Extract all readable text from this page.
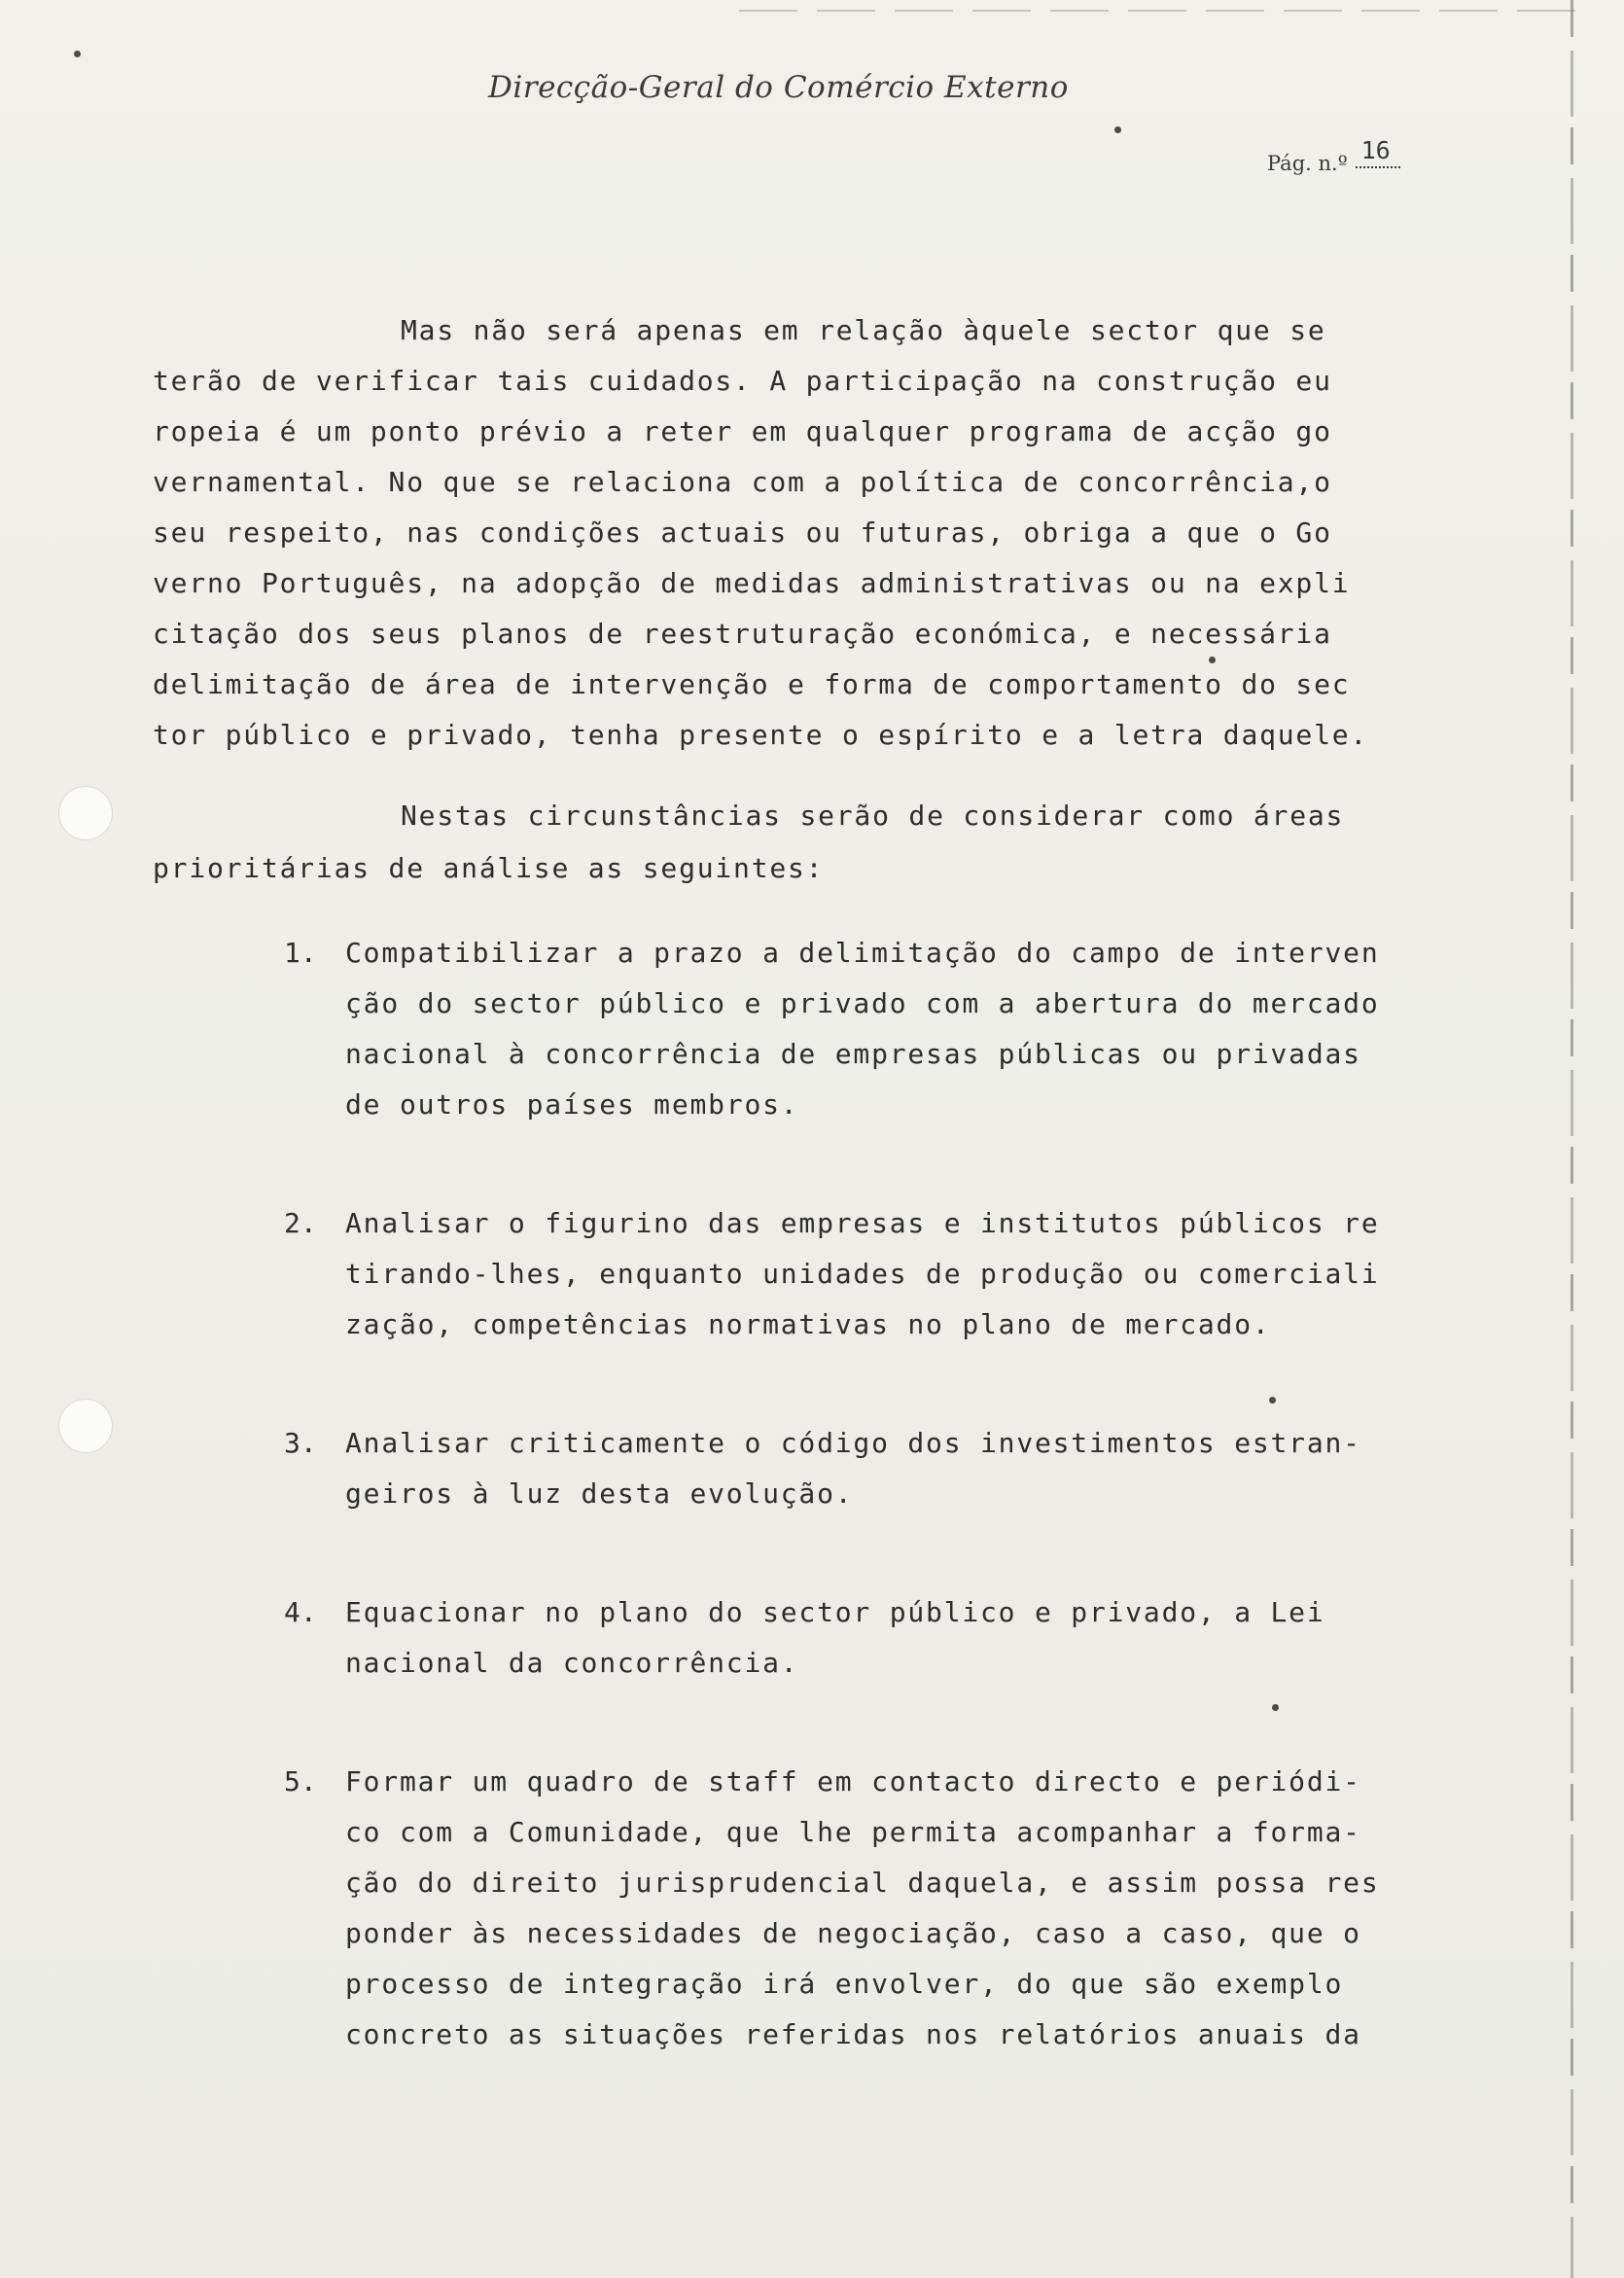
Direcção-Geral do Comércio Externo
Pág. n.º 16
Mas não será apenas em relação àquele sector que se
terão de verificar tais cuidados. A participação na construção eu
ropeia é um ponto prévio a reter em qualquer programa de acção go
vernamental. No que se relaciona com a política de concorrência,o
seu respeito, nas condições actuais ou futuras, obriga a que o Go
verno Português, na adopção de medidas administrativas ou na expli
citação dos seus planos de reestruturação económica, e necessária
delimitação de área de intervenção e forma de comportamento do sec
tor público e privado, tenha presente o espírito e a letra daquele.
Nestas circunstâncias serão de considerar como áreas
prioritárias de análise as seguintes:
1. Compatibilizar a prazo a delimitação do campo de interven
ção do sector público e privado com a abertura do mercado
nacional à concorrência de empresas públicas ou privadas
de outros países membros.
2. Analisar o figurino das empresas e institutos públicos re
tirando-lhes, enquanto unidades de produção ou comerciali
zação, competências normativas no plano de mercado.
3. Analisar criticamente o código dos investimentos estran-
geiros à luz desta evolução.
4. Equacionar no plano do sector público e privado, a Lei
nacional da concorrência.
5. Formar um quadro de staff em contacto directo e periódi-
co com a Comunidade, que lhe permita acompanhar a forma-
ção do direito jurisprudencial daquela, e assim possa res
ponder às necessidades de negociação, caso a caso, que o
processo de integração irá envolver, do que são exemplo
concreto as situações referidas nos relatórios anuais da
